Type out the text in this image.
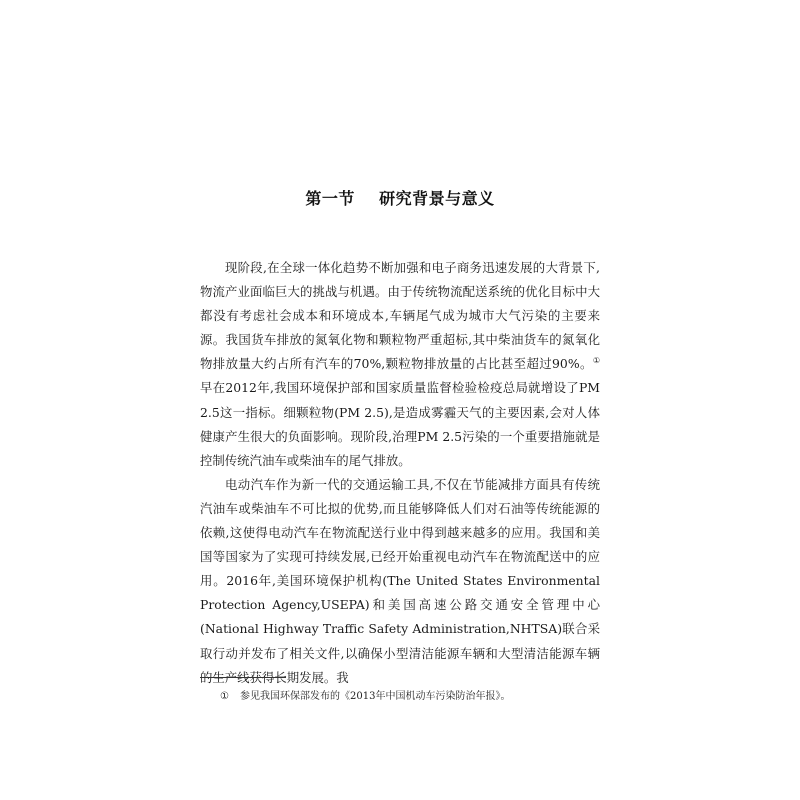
第一节    研究背景与意义

现阶段,在全球一体化趋势不断加强和电子商务迅速发展的大背景下,物流产业面临巨大的挑战与机遇。由于传统物流配送系统的优化目标中大都没有考虑社会成本和环境成本,车辆尾气成为城市大气污染的主要来源。我国货车排放的氮氧化物和颗粒物严重超标,其中柴油货车的氮氧化物排放量大约占所有汽车的70%,颗粒物排放量的占比甚至超过90%。① 早在2012年,我国环境保护部和国家质量监督检验检疫总局就增设了PM 2.5这一指标。细颗粒物(PM 2.5),是造成雾霾天气的主要因素,会对人体健康产生很大的负面影响。现阶段,治理PM 2.5污染的一个重要措施就是控制传统汽油车或柴油车的尾气排放。

电动汽车作为新一代的交通运输工具,不仅在节能减排方面具有传统汽油车或柴油车不可比拟的优势,而且能够降低人们对石油等传统能源的依赖,这使得电动汽车在物流配送行业中得到越来越多的应用。我国和美国等国家为了实现可持续发展,已经开始重视电动汽车在物流配送中的应用。2016年,美国环境保护机构(The United States Environmental Protection Agency,USEPA)和美国高速公路交通安全管理中心(National Highway Traffic Safety Administration,NHTSA)联合采取行动并发布了相关文件,以确保小型清洁能源车辆和大型清洁能源车辆的生产线获得长期发展。我

① 参见我国环保部发布的《2013年中国机动车污染防治年报》。
